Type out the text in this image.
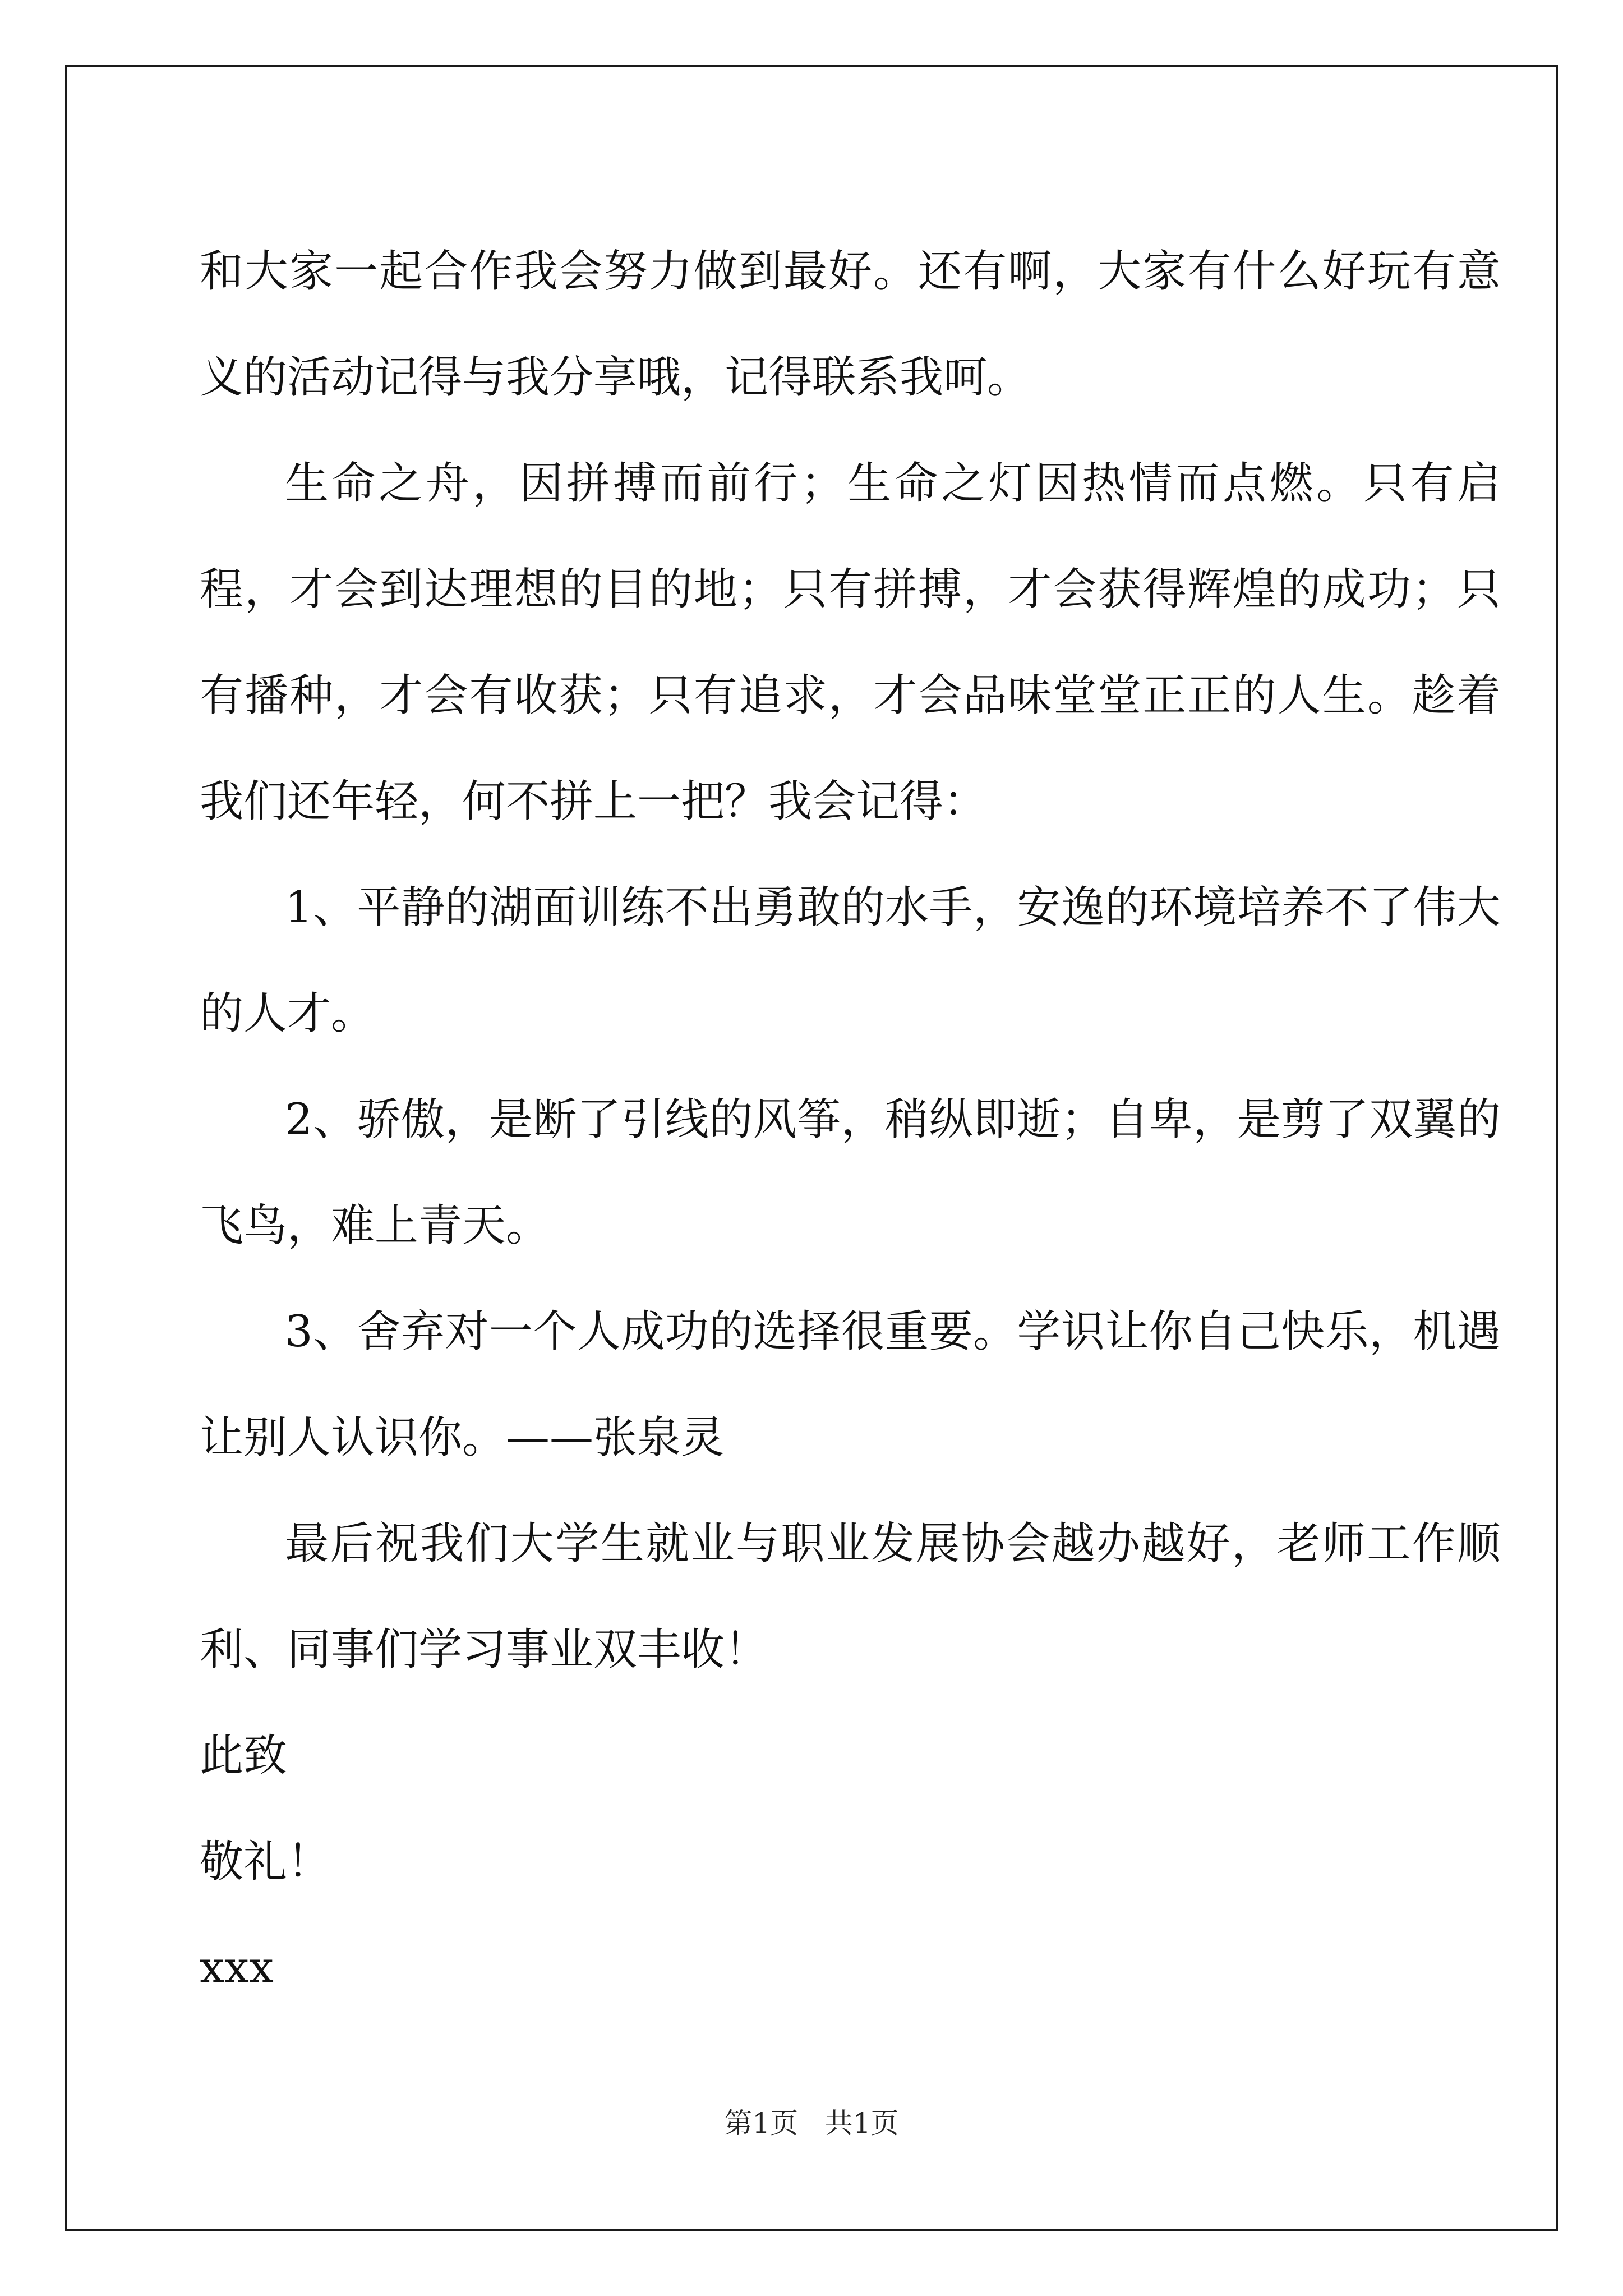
和大家一起合作我会努力做到最好。还有啊，大家有什么好玩有意义的活动记得与我分享哦，记得联系我呵。

生命之舟，因拼搏而前行；生命之灯因热情而点燃。只有启程，才会到达理想的目的地；只有拼搏，才会获得辉煌的成功；只有播种，才会有收获；只有追求，才会品味堂堂正正的人生。趁着我们还年轻，何不拼上一把？我会记得：

1、平静的湖面训练不出勇敢的水手，安逸的环境培养不了伟大的人才。

2、骄傲，是断了引线的风筝，稍纵即逝；自卑，是剪了双翼的飞鸟，难上青天。

3、舍弃对一个人成功的选择很重要。学识让你自己快乐，机遇让别人认识你。——张泉灵

最后祝我们大学生就业与职业发展协会越办越好，老师工作顺利、同事们学习事业双丰收！

此致

敬礼！

xxx

第1页   共1页
